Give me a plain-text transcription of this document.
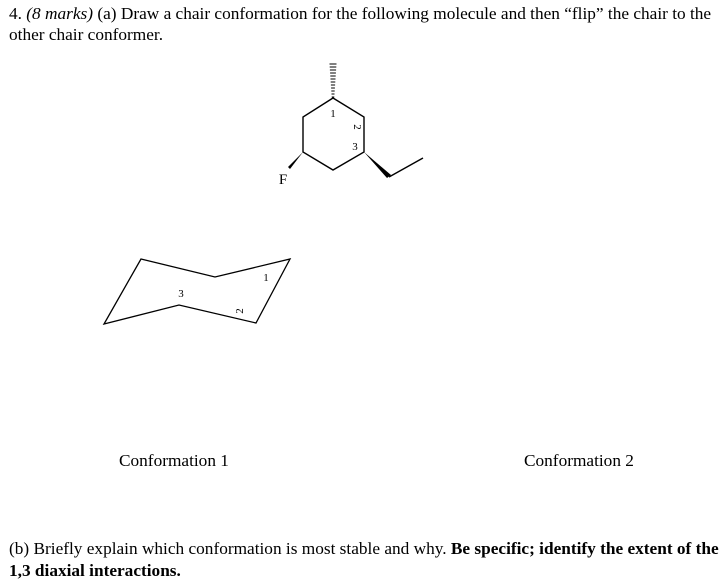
4. (8 marks) (a) Draw a chair conformation for the following molecule and then “flip” the chair to the other chair conformer.

1
2
3
F
1
2
3
Conformation 1	Conformation 2

(b) Briefly explain which conformation is most stable and why. Be specific; identify the extent of the 1,3 diaxial interactions.
